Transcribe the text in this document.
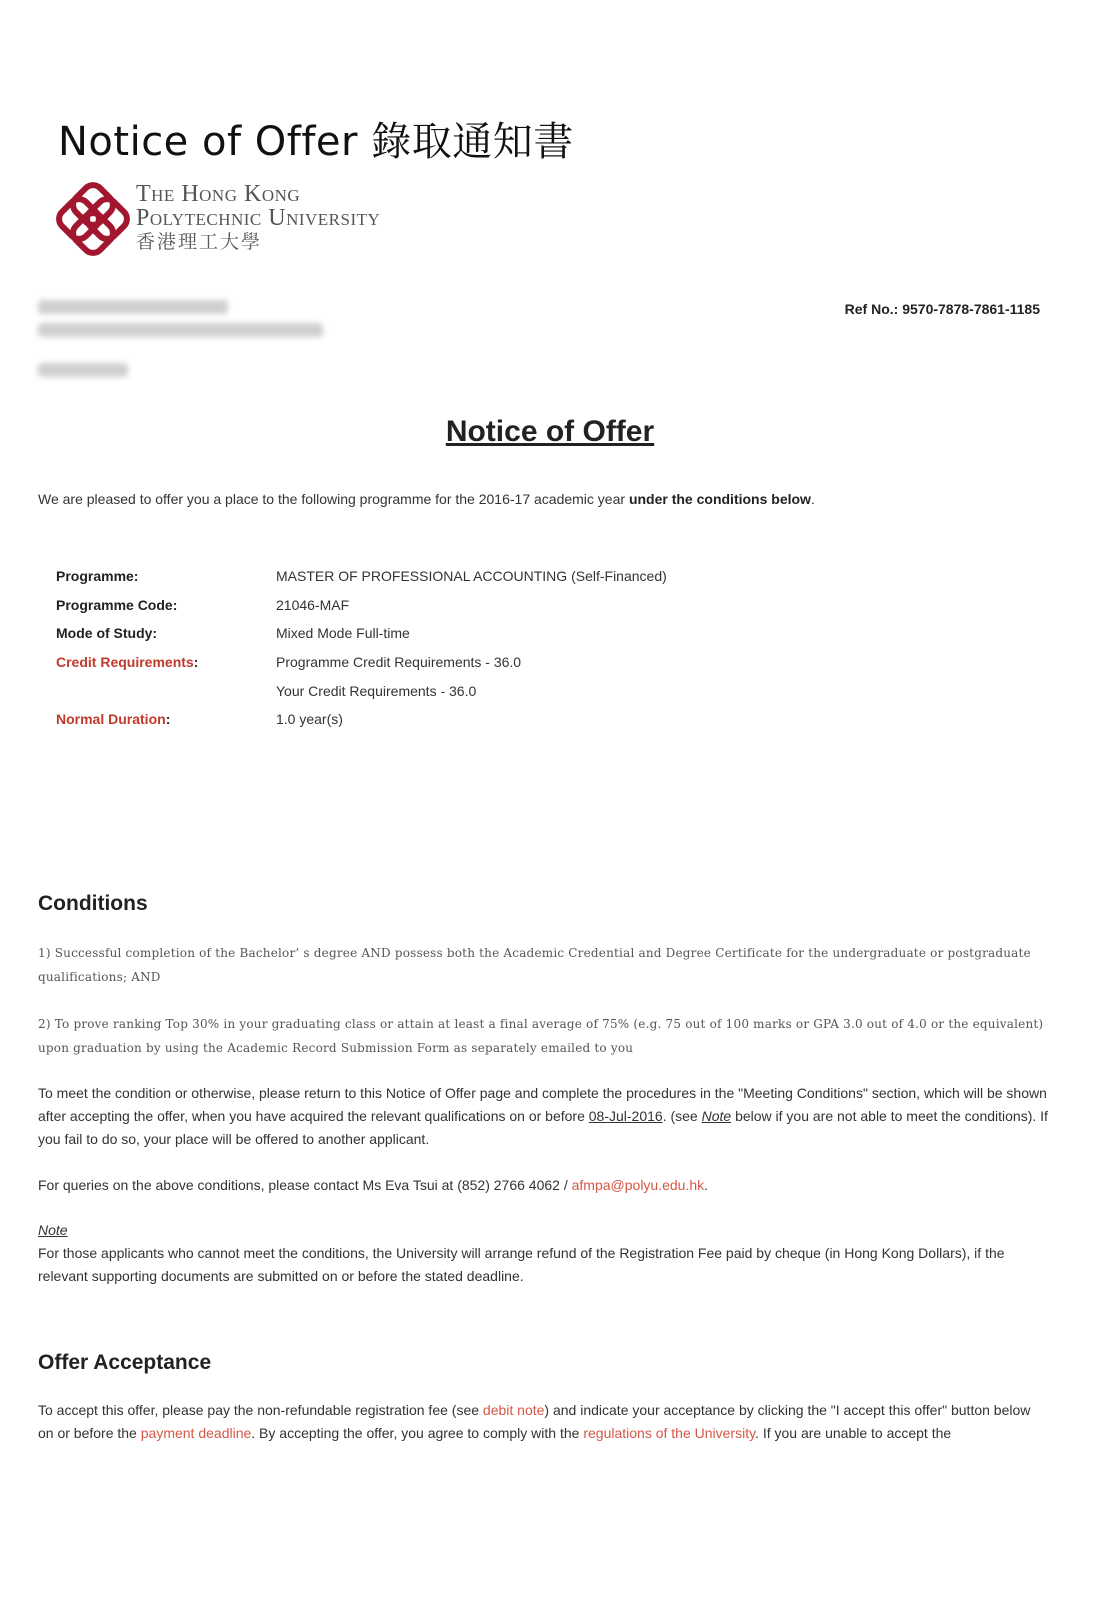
Notice of Offer 錄取通知書
The Hong Kong
Polytechnic University
香港理工大學
Ref No.: 9570-7878-7861-1185
Notice of Offer
We are pleased to offer you a place to the following programme for the 2016-17 academic year under the conditions below.
Programme:	MASTER OF PROFESSIONAL ACCOUNTING (Self-Financed)
Programme Code:	21046-MAF
Mode of Study:	Mixed Mode Full-time
Credit Requirements:	Programme Credit Requirements - 36.0
Your Credit Requirements - 36.0
Normal Duration:	1.0 year(s)
Conditions
1) Successful completion of the Bachelor’ s degree AND possess both the Academic Credential and Degree Certificate for the undergraduate or postgraduate qualifications; AND
2) To prove ranking Top 30% in your graduating class or attain at least a final average of 75% (e.g. 75 out of 100 marks or GPA 3.0 out of 4.0 or the equivalent) upon graduation by using the Academic Record Submission Form as separately emailed to you
To meet the condition or otherwise, please return to this Notice of Offer page and complete the procedures in the "Meeting Conditions" section, which will be shown after accepting the offer, when you have acquired the relevant qualifications on or before 08-Jul-2016. (see Note below if you are not able to meet the conditions). If you fail to do so, your place will be offered to another applicant.
For queries on the above conditions, please contact Ms Eva Tsui at (852) 2766 4062 / afmpa@polyu.edu.hk.
Note
For those applicants who cannot meet the conditions, the University will arrange refund of the Registration Fee paid by cheque (in Hong Kong Dollars), if the relevant supporting documents are submitted on or before the stated deadline.
Offer Acceptance
To accept this offer, please pay the non-refundable registration fee (see debit note) and indicate your acceptance by clicking the "I accept this offer" button below on or before the payment deadline. By accepting the offer, you agree to comply with the regulations of the University. If you are unable to accept the
